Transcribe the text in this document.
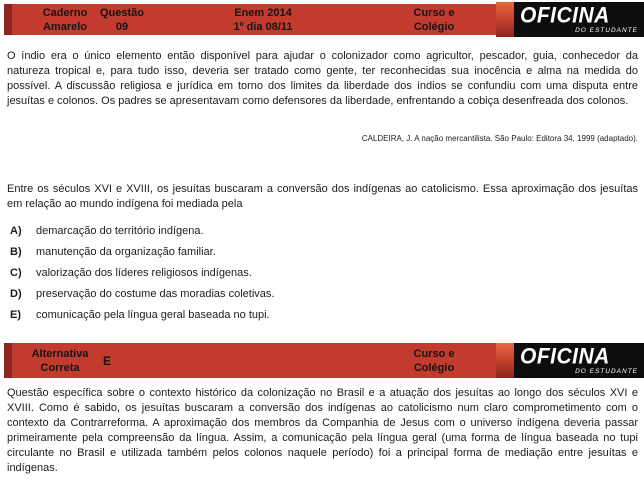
Caderno
Amarelo
Questão
09
Enem 2014
1º dia 08/11
Curso e
Colégio	OFICINA
DO ESTUDANTE
O índio era o único elemento então disponível para ajudar o colonizador como agricultor, pescador, guia, conhecedor da natureza tropical e, para tudo isso, deveria ser tratado como gente, ter reconhecidas sua inocência e alma na medida do possível. A discussão religiosa e jurídica em torno dos limites da liberdade dos índios se confundiu com uma disputa entre jesuítas e colonos. Os padres se apresentavam como defensores da liberdade, enfrentando a cobiça desenfreada dos colonos.
CALDEIRA, J. A nação mercantilista. São Paulo: Editora 34, 1999 (adaptado).
Entre os séculos XVI e XVIII, os jesuítas buscaram a conversão dos indígenas ao catolicismo. Essa aproximação dos jesuítas em relação ao mundo indígena foi mediada pela
A)	demarcação do território indígena.
B)	manutenção da organização familiar.
C)	valorização dos líderes religiosos indígenas.
D)	preservação do costume das moradias coletivas.
E)	comunicação pela língua geral baseada no tupi.
Alternativa
Correta	E	Curso e
Colégio	OFICINA
DO ESTUDANTE
Questão específica sobre o contexto histórico da colonização no Brasil e a atuação dos jesuítas ao longo dos séculos XVI e XVIII. Como é sabido, os jesuítas buscaram a conversão dos indígenas ao catolicismo num claro comprometimento com o contexto da Contrarreforma. A aproximação dos membros da Companhia de Jesus com o universo indígena deveria passar primeiramente pela compreensão da língua. Assim, a comunicação pela língua geral (uma forma de língua baseada no tupi circulante no Brasil e utilizada também pelos colonos naquele período) foi a principal forma de mediação entre jesuítas e indígenas.
